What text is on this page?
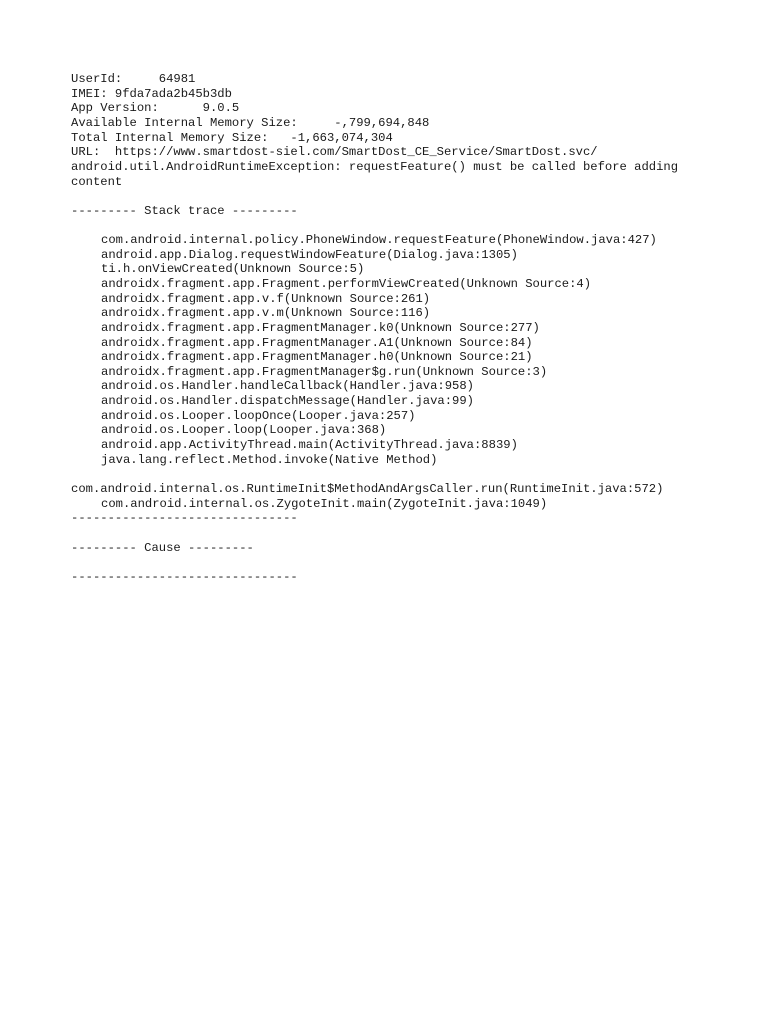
UserId:     64981
IMEI: 9fda7ada2b45b3db
App Version:      9.0.5
Available Internal Memory Size:     -,799,694,848
Total Internal Memory Size:   -1,663,074,304
URL:  https://www.smartdost-siel.com/SmartDost_CE_Service/SmartDost.svc/
android.util.AndroidRuntimeException: requestFeature() must be called before adding content
--------- Stack trace ---------
com.android.internal.policy.PhoneWindow.requestFeature(PhoneWindow.java:427)
android.app.Dialog.requestWindowFeature(Dialog.java:1305)
ti.h.onViewCreated(Unknown Source:5)
androidx.fragment.app.Fragment.performViewCreated(Unknown Source:4)
androidx.fragment.app.v.f(Unknown Source:261)
androidx.fragment.app.v.m(Unknown Source:116)
androidx.fragment.app.FragmentManager.k0(Unknown Source:277)
androidx.fragment.app.FragmentManager.A1(Unknown Source:84)
androidx.fragment.app.FragmentManager.h0(Unknown Source:21)
androidx.fragment.app.FragmentManager$g.run(Unknown Source:3)
android.os.Handler.handleCallback(Handler.java:958)
android.os.Handler.dispatchMessage(Handler.java:99)
android.os.Looper.loopOnce(Looper.java:257)
android.os.Looper.loop(Looper.java:368)
android.app.ActivityThread.main(ActivityThread.java:8839)
java.lang.reflect.Method.invoke(Native Method)
com.android.internal.os.RuntimeInit$MethodAndArgsCaller.run(RuntimeInit.java:572)
com.android.internal.os.ZygoteInit.main(ZygoteInit.java:1049)
-------------------------------
--------- Cause ---------
-------------------------------
